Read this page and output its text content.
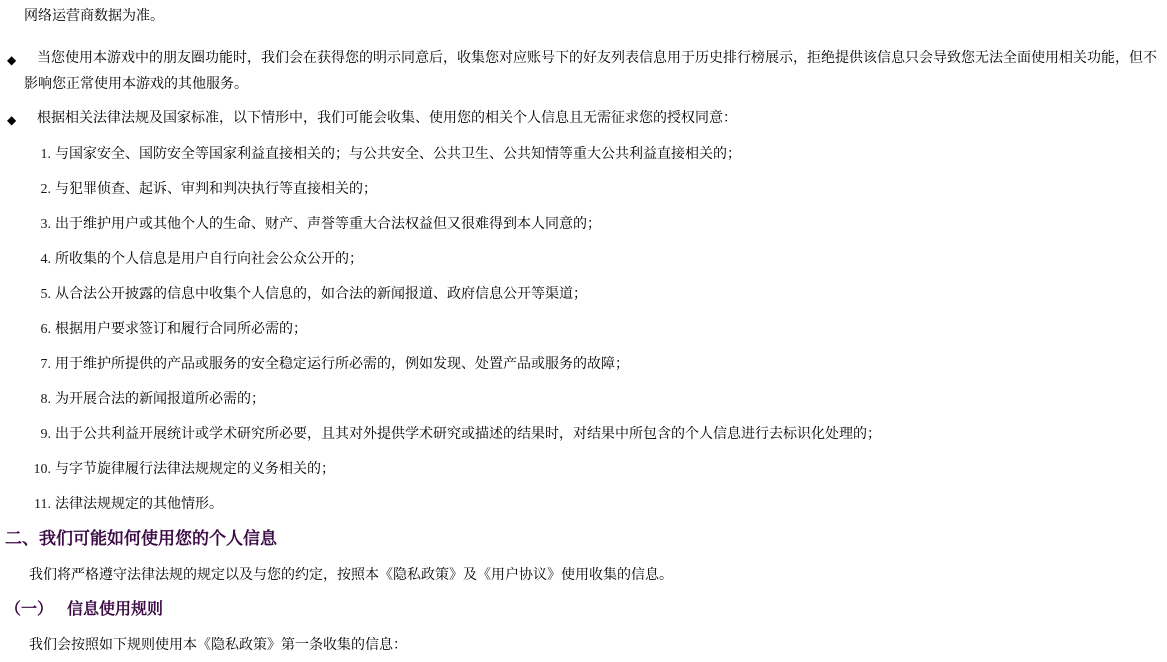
网络运营商数据为准。
◆ 当您使用本游戏中的朋友圈功能时，我们会在获得您的明示同意后，收集您对应账号下的好友列表信息用于历史排行榜展示，拒绝提供该信息只会导致您无法全面使用相关功能，但不影响您正常使用本游戏的其他服务。
◆ 根据相关法律法规及国家标准，以下情形中，我们可能会收集、使用您的相关个人信息且无需征求您的授权同意：
1. 与国家安全、国防安全等国家利益直接相关的；与公共安全、公共卫生、公共知情等重大公共利益直接相关的；
2. 与犯罪侦查、起诉、审判和判决执行等直接相关的；
3. 出于维护用户或其他个人的生命、财产、声誉等重大合法权益但又很难得到本人同意的；
4. 所收集的个人信息是用户自行向社会公众公开的；
5. 从合法公开披露的信息中收集个人信息的，如合法的新闻报道、政府信息公开等渠道；
6. 根据用户要求签订和履行合同所必需的；
7. 用于维护所提供的产品或服务的安全稳定运行所必需的，例如发现、处置产品或服务的故障；
8. 为开展合法的新闻报道所必需的；
9. 出于公共利益开展统计或学术研究所必要，且其对外提供学术研究或描述的结果时，对结果中所包含的个人信息进行去标识化处理的；
10. 与字节旋律履行法律法规规定的义务相关的；
11. 法律法规规定的其他情形。
二、我们可能如何使用您的个人信息
我们将严格遵守法律法规的规定以及与您的约定，按照本《隐私政策》及《用户协议》使用收集的信息。
（一） 信息使用规则
我们会按照如下规则使用本《隐私政策》第一条收集的信息：
